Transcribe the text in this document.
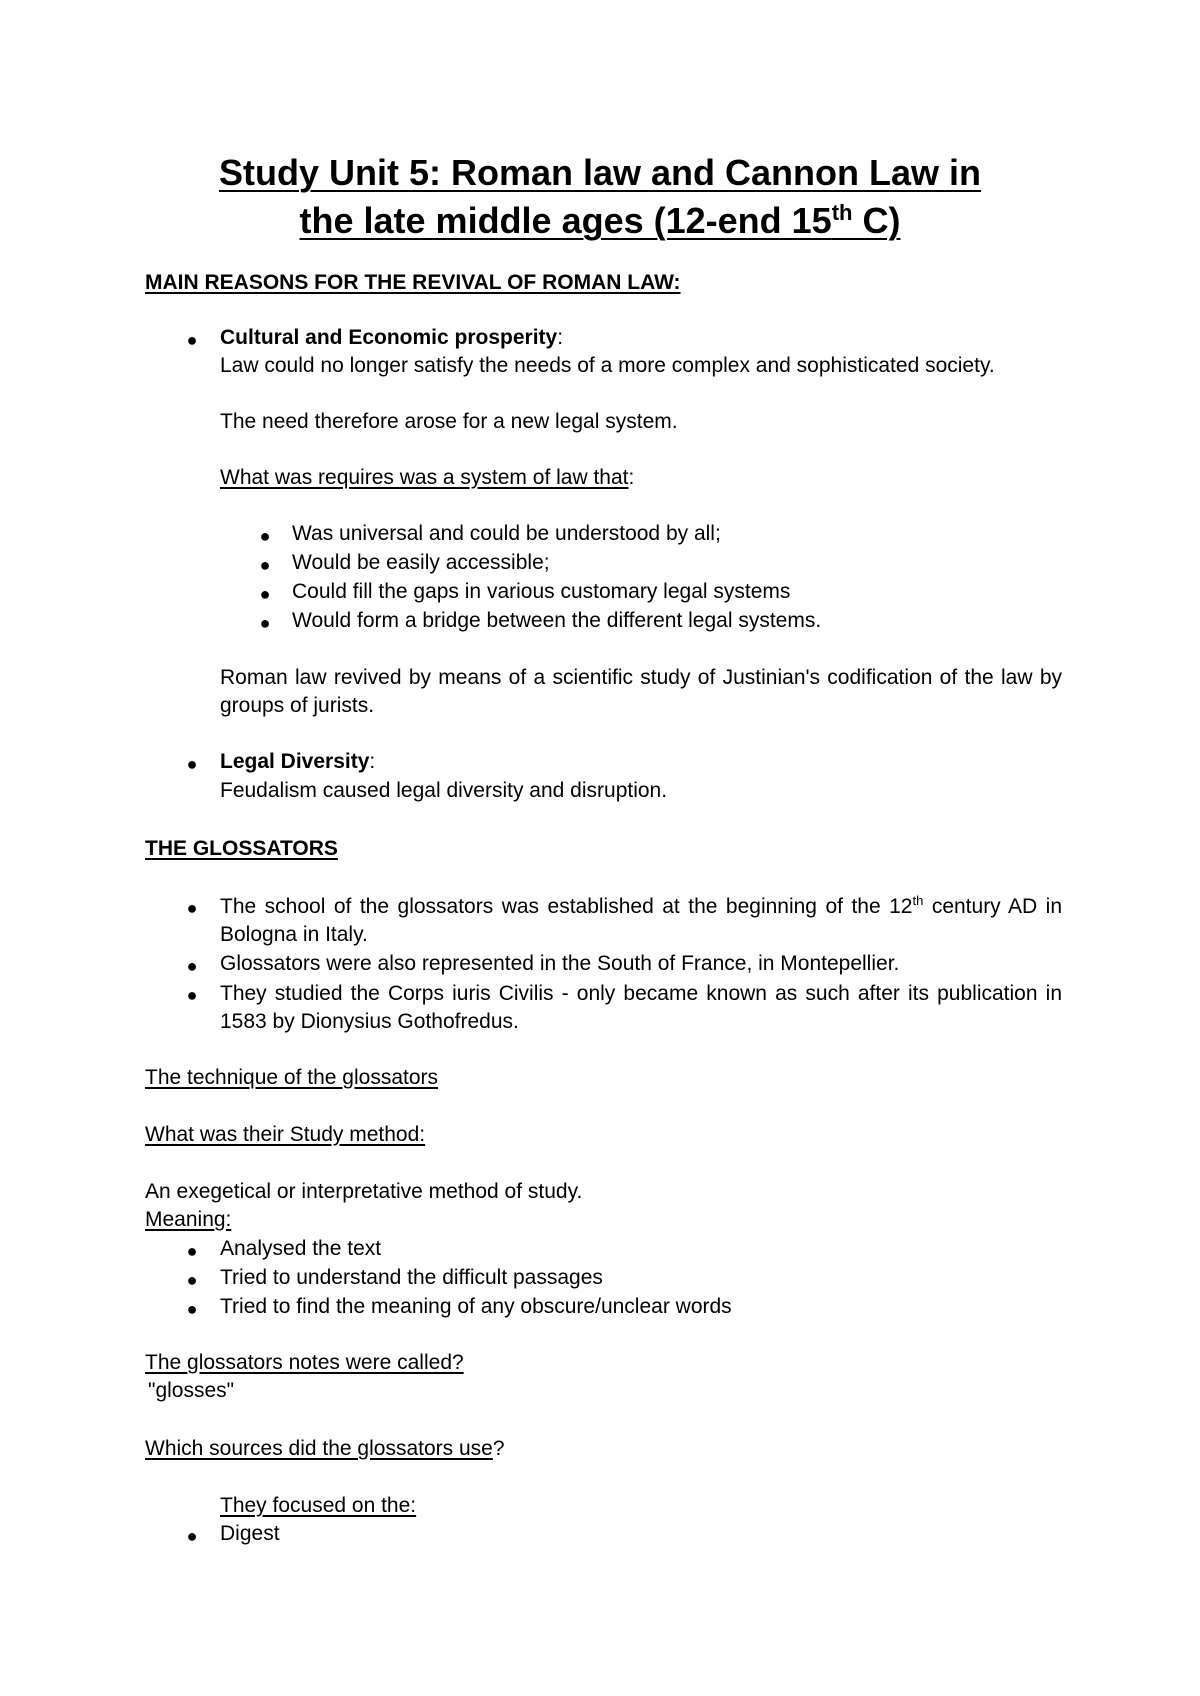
Study Unit 5: Roman law and Cannon Law in
the late middle ages (12-end 15th C)
MAIN REASONS FOR THE REVIVAL OF ROMAN LAW:
● Cultural and Economic prosperity:

Law could no longer satisfy the needs of a more complex and sophisticated society.

The need therefore arose for a new legal system.

What was requires was a system of law that:

● Was universal and could be understood by all;

● Would be easily accessible;

● Could fill the gaps in various customary legal systems

● Would form a bridge between the different legal systems.

Roman law revived by means of a scientific study of Justinian's codification of the law by groups of jurists.

● Legal Diversity:

Feudalism caused legal diversity and disruption.

THE GLOSSATORS
● The school of the glossators was established at the beginning of the 12th century AD in Bologna in Italy.

● Glossators were also represented in the South of France, in Montepellier.

● They studied the Corps iuris Civilis - only became known as such after its publication in 1583 by Dionysius Gothofredus.

The technique of the glossators

What was their Study method:

An exegetical or interpretative method of study.

Meaning:

● Analysed the text

● Tried to understand the difficult passages

● Tried to find the meaning of any obscure/unclear words

The glossators notes were called?

"glosses"

Which sources did the glossators use?

They focused on the:

● Digest
